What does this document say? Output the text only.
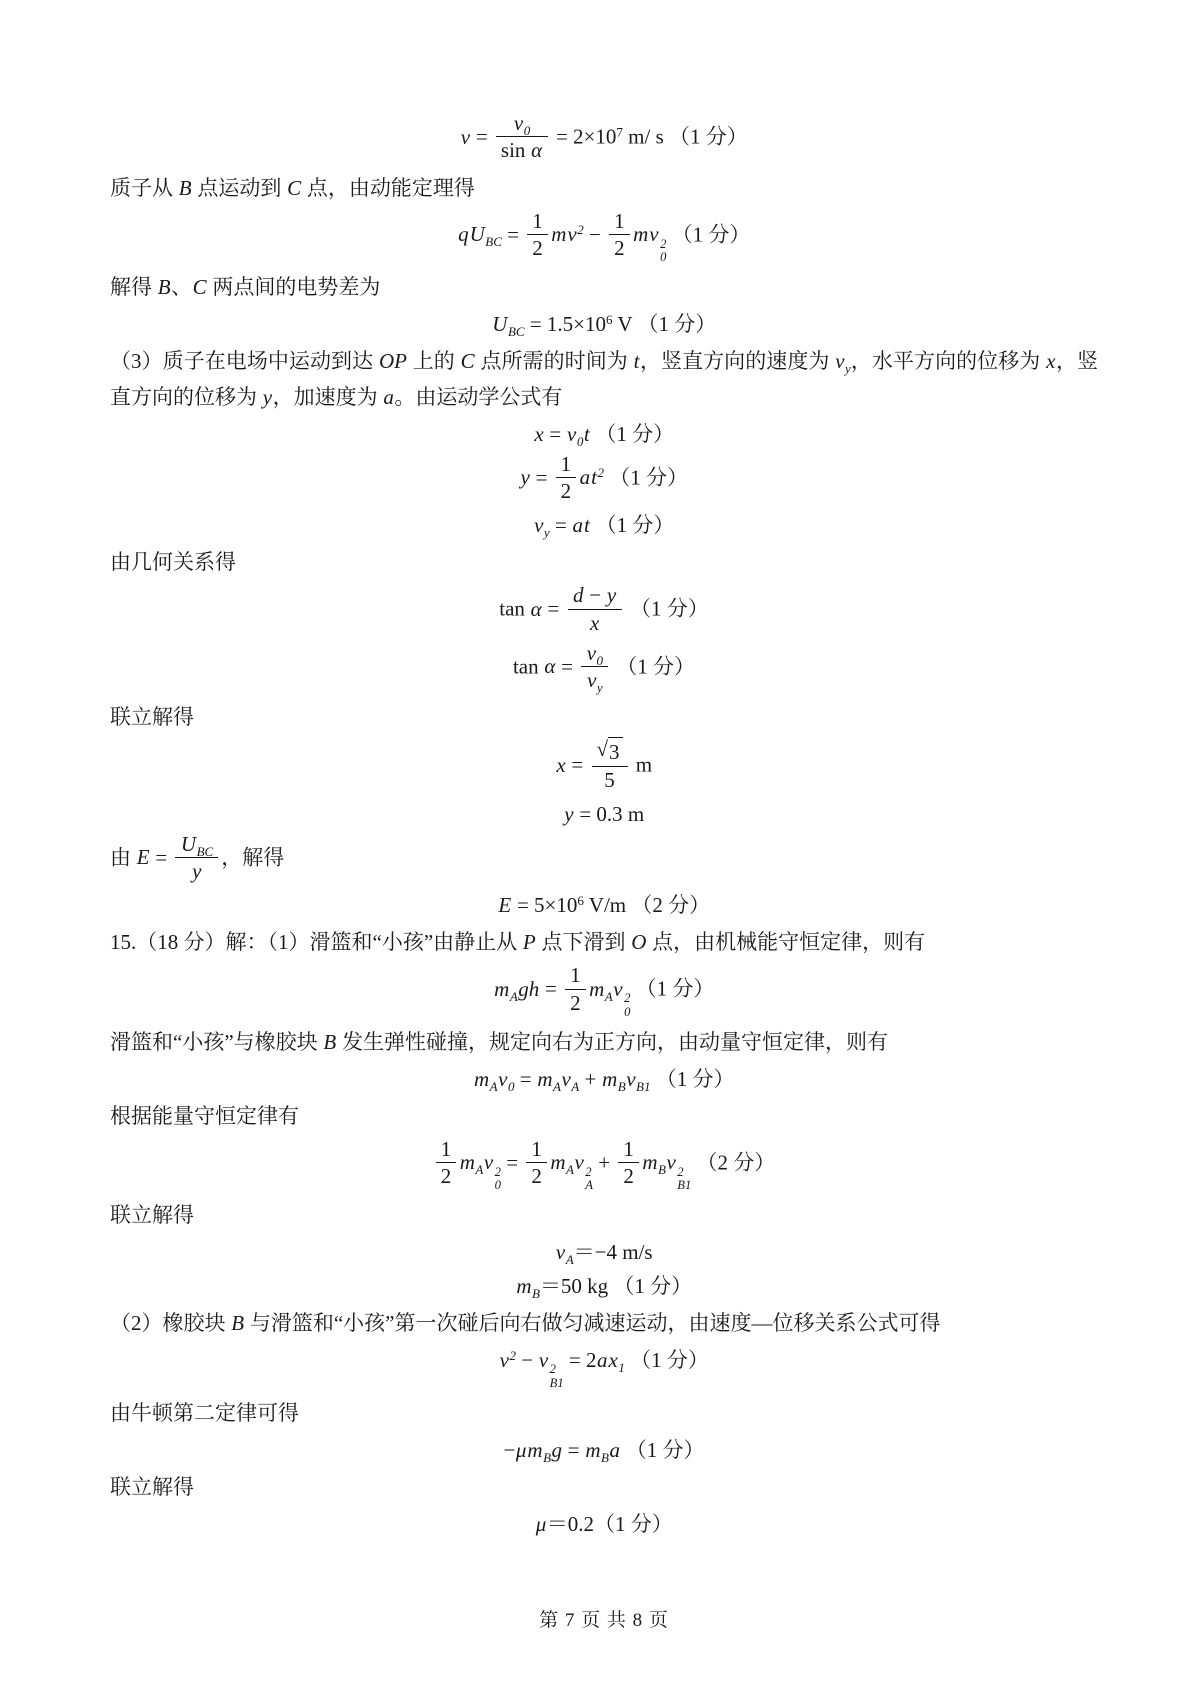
$v = \frac{v_0}{\text{sin α}} = 2\times 10^7$ m/ s （1 分）
质子从 B 点运动到 C 点，由动能定理得
$qU_{BC} = \frac{1}{2} mv^2 - \frac{1}{2}$ mv 2
0
（1 分）
解得 B、C 两点间的电势差为
$U_{BC} = 1.5\times 10^6$ V （1 分）
（3）质子在电场中运动到达 OP 上的 C 点所需的时间为 t，竖直方向的速度为 $v_y$，水平方向的位移为 x，竖直方向的位移为 y，加速度为 a。由运动学公式有
$x = v_0t$ （1 分）
$y = \frac{1}{2} at^2$ （1 分）
$v_y$ = at （1 分）
由几何关系得
$\tan \alpha = \frac{d - y}{x} (1$ 分）
$\tan \alpha = \frac{v_0}{v_y} (1$ 分）
联立解得
$x = \frac{√ 3}{5}$ m
y = 0.3 m
由 $E = \frac{U_{BC}}{y}$ ，解得
$E = 5\times 10^6$ V/m （2 分）
15.（18 分）解：（1）滑篮和“小孩”由静止从 P 点下滑到 O 点，由机械能守恒定律，则有
$m_Agh = \frac{1}{2} m_Av$ 2
0
（1 分）
滑篮和“小孩”与橡胶块 B 发生弹性碰撞，规定向右为正方向，由动量守恒定律，则有
$m_Av_0 = m_Av_A + m_Bv_{B1}$ （1 分）
根据能量守恒定律有
$\frac{1}{2} m_Av$ 2
0
= $\frac{1}{2} m_Av$ 2
A
+ $\frac{1}{2} m_Bv$ 2
B1
（2 分）
联立解得
$v_A=-4$ m/s
$m_B=50$ kg （1 分）
（2）橡胶块 B 与滑篮和“小孩”第一次碰后向右做匀减速运动，由速度—位移关系公式可得
$v^2 - v$ 2
B1
= $2ax_1$ （1 分）
由牛顿第二定律可得
$-\mu m_Bg = m_Ba$ （1 分）
联立解得
μ＝0.2（1 分）
第 7 页 共 8 页
